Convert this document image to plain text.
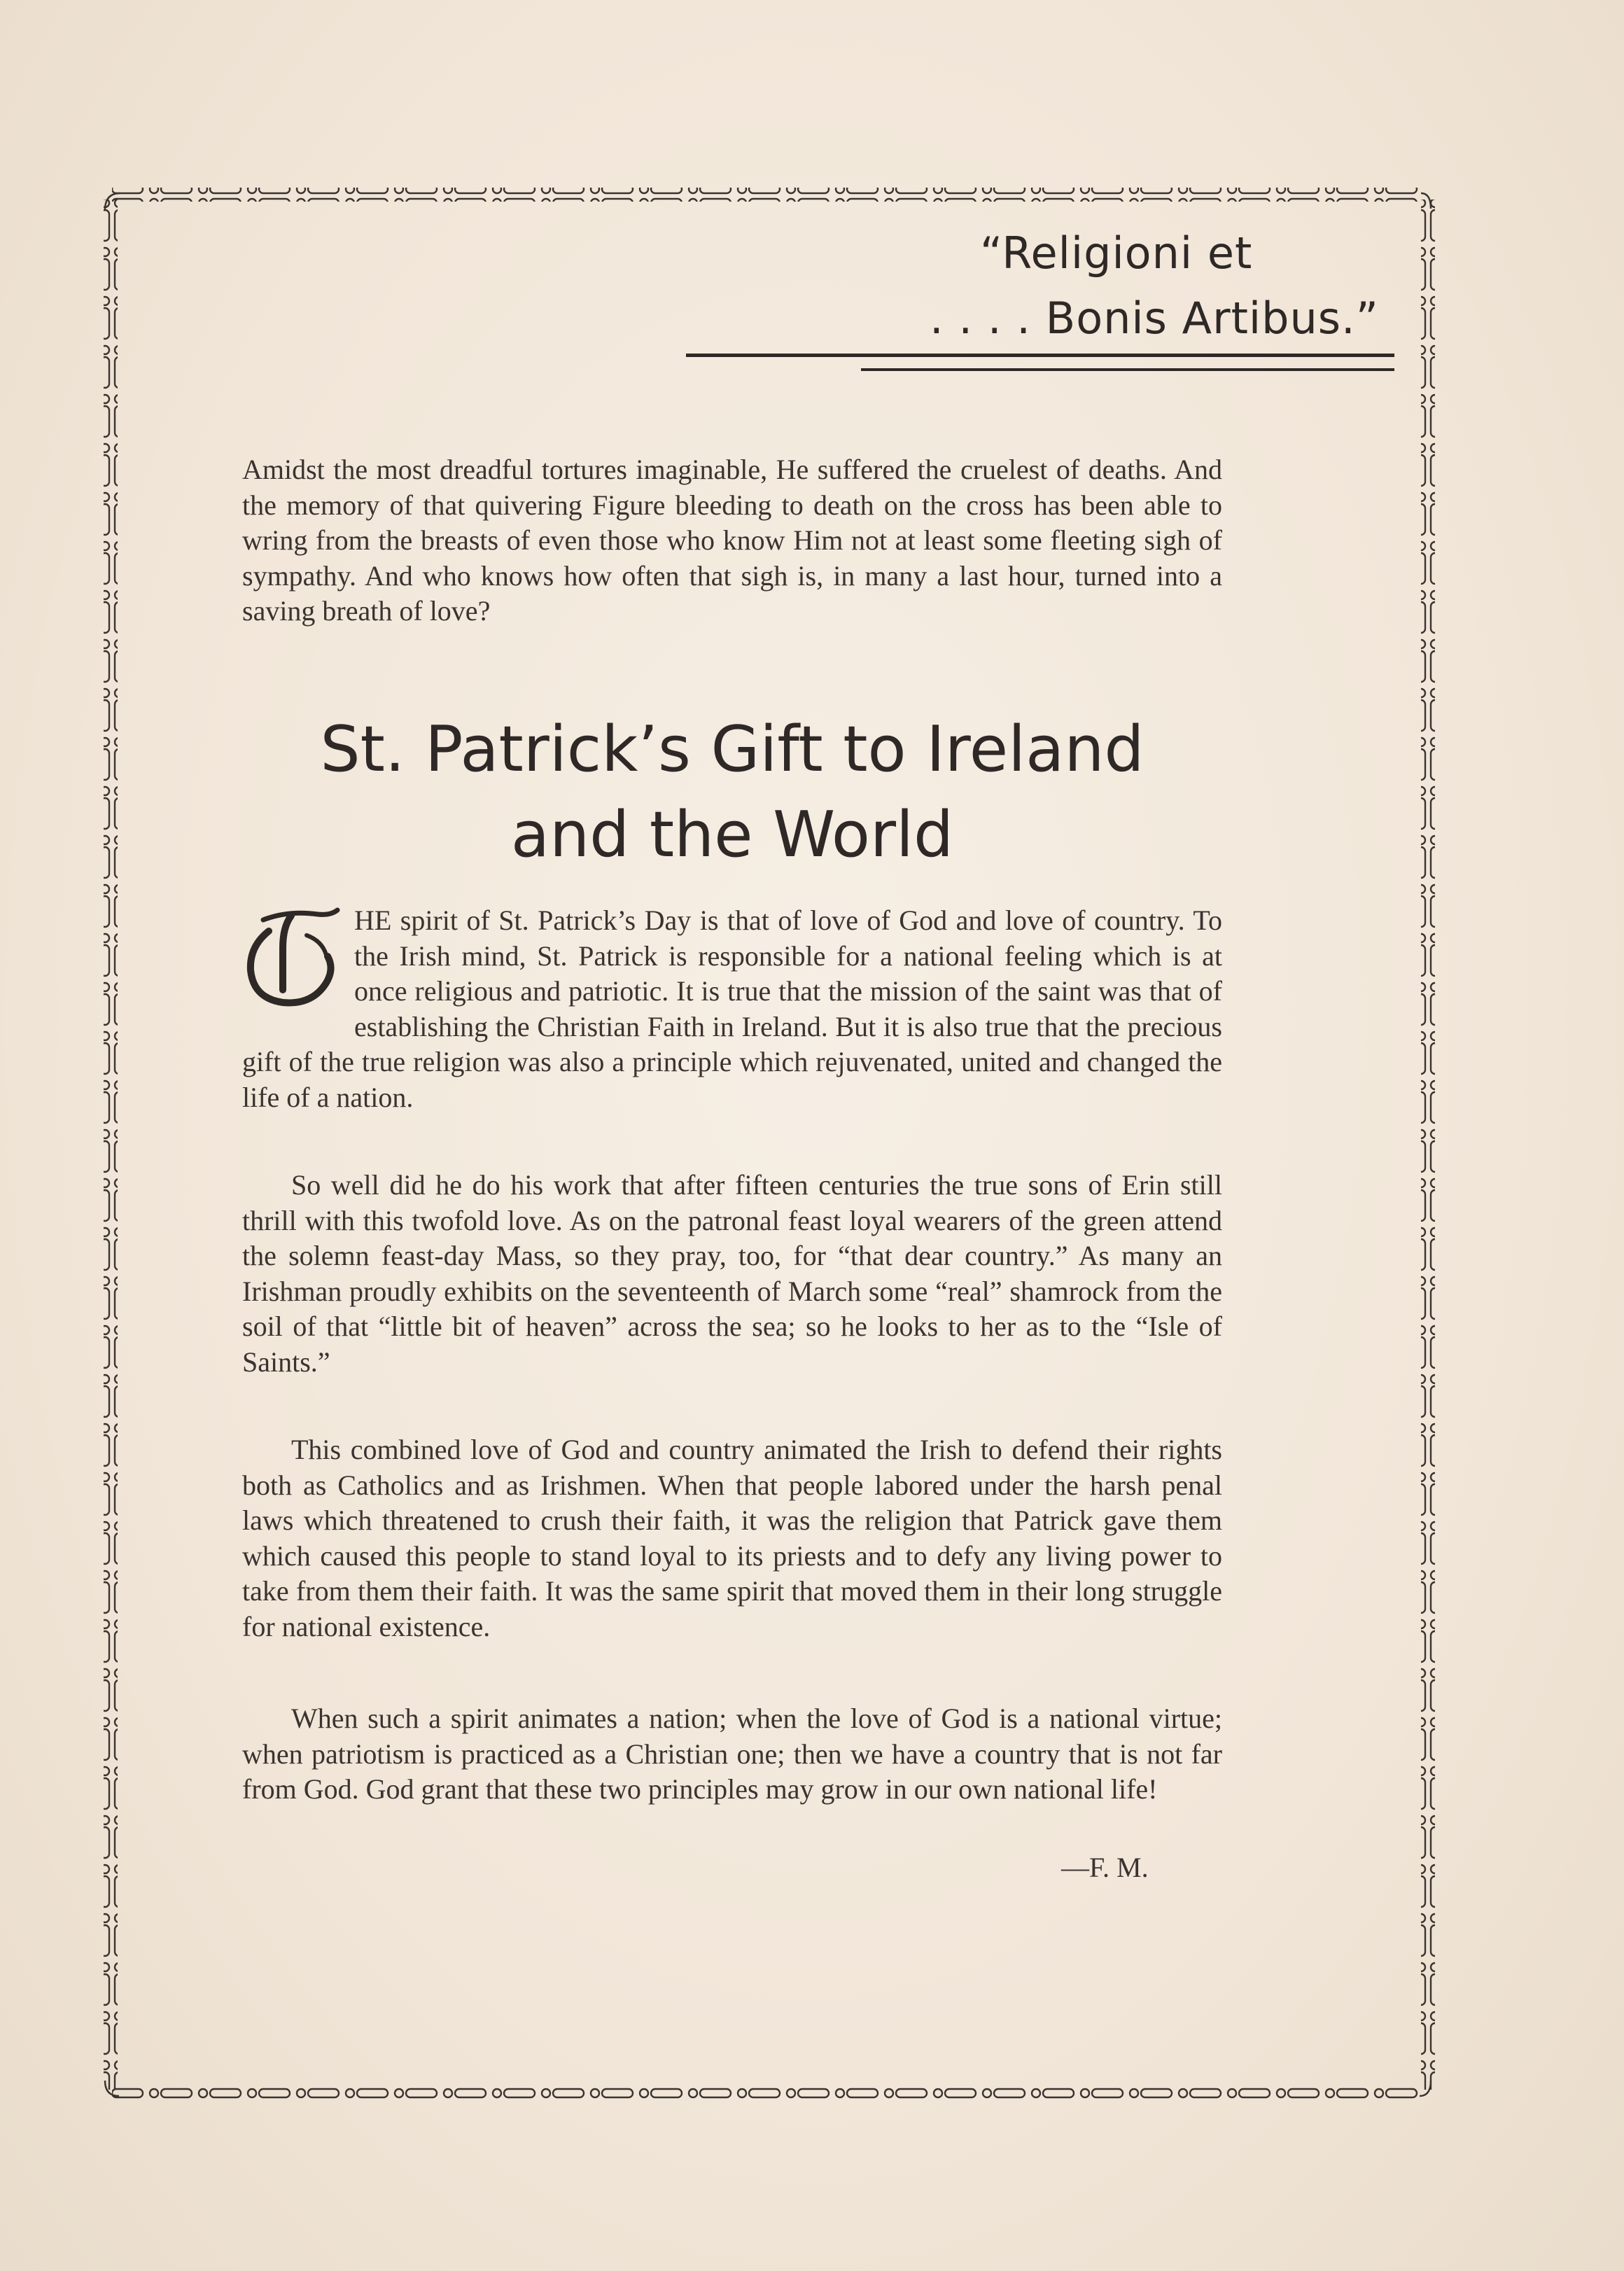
“Religioni et
. . . . Bonis Artibus.”
Amidst the most dreadful tortures imaginable, He suffered the cruelest of deaths. And the memory of that quivering Figure bleeding to death on the cross has been able to wring from the breasts of even those who know Him not at least some fleeting sigh of sympathy. And who knows how often that sigh is, in many a last hour, turned into a saving breath of love?
St. Patrick’s Gift to Ireland
and the World
HE spirit of St. Patrick’s Day is that of love of God and love of country. To the Irish mind, St. Patrick is responsible for a national feeling which is at once religious and patriotic. It is true that the mission of the saint was that of establishing the Christian Faith in Ireland. But it is also true that the precious gift of the true religion was also a principle which rejuvenated, united and changed the life of a nation.
So well did he do his work that after fifteen centuries the true sons of Erin still thrill with this twofold love. As on the patronal feast loyal wearers of the green attend the solemn feast-day Mass, so they pray, too, for “that dear country.” As many an Irishman proudly exhibits on the seventeenth of March some “real” shamrock from the soil of that “little bit of heaven” across the sea; so he looks to her as to the “Isle of Saints.”
This combined love of God and country animated the Irish to defend their rights both as Catholics and as Irishmen. When that people labored under the harsh penal laws which threatened to crush their faith, it was the religion that Patrick gave them which caused this people to stand loyal to its priests and to defy any living power to take from them their faith. It was the same spirit that moved them in their long struggle for national existence.
When such a spirit animates a nation; when the love of God is a national virtue; when patriotism is practiced as a Christian one; then we have a country that is not far from God. God grant that these two principles may grow in our own national life!
—F. M.
